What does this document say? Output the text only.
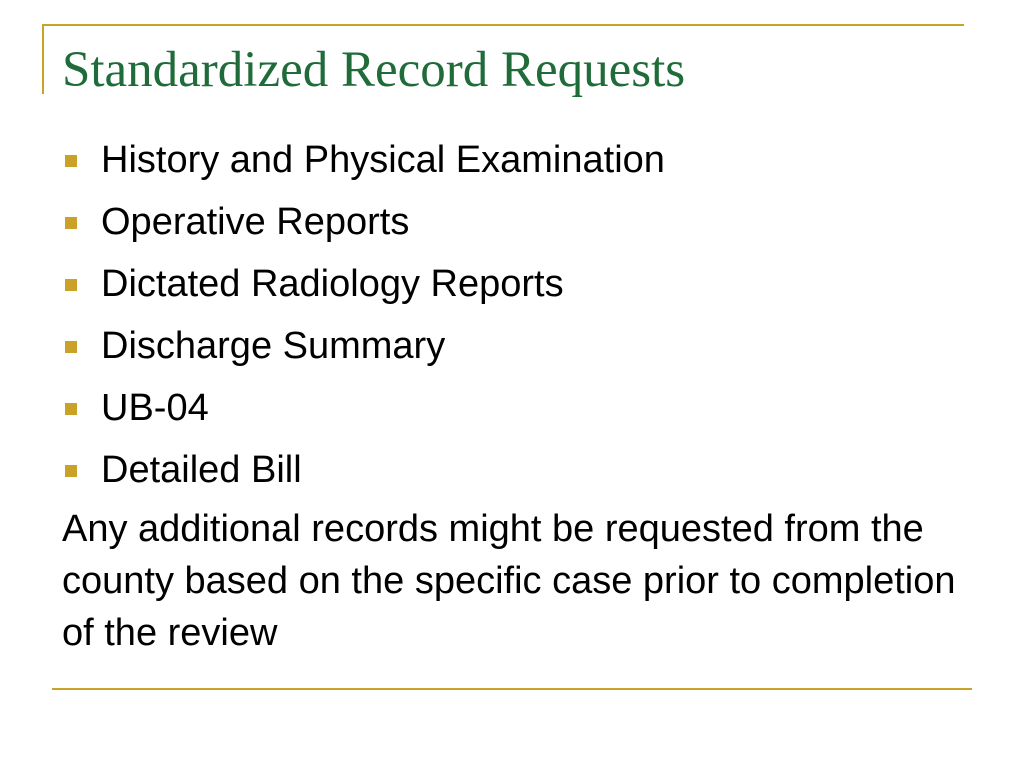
Standardized Record Requests
History and Physical Examination
Operative Reports
Dictated Radiology Reports
Discharge Summary
UB-04
Detailed Bill

Any additional records might be requested from the county based on the specific case prior to completion of the review
